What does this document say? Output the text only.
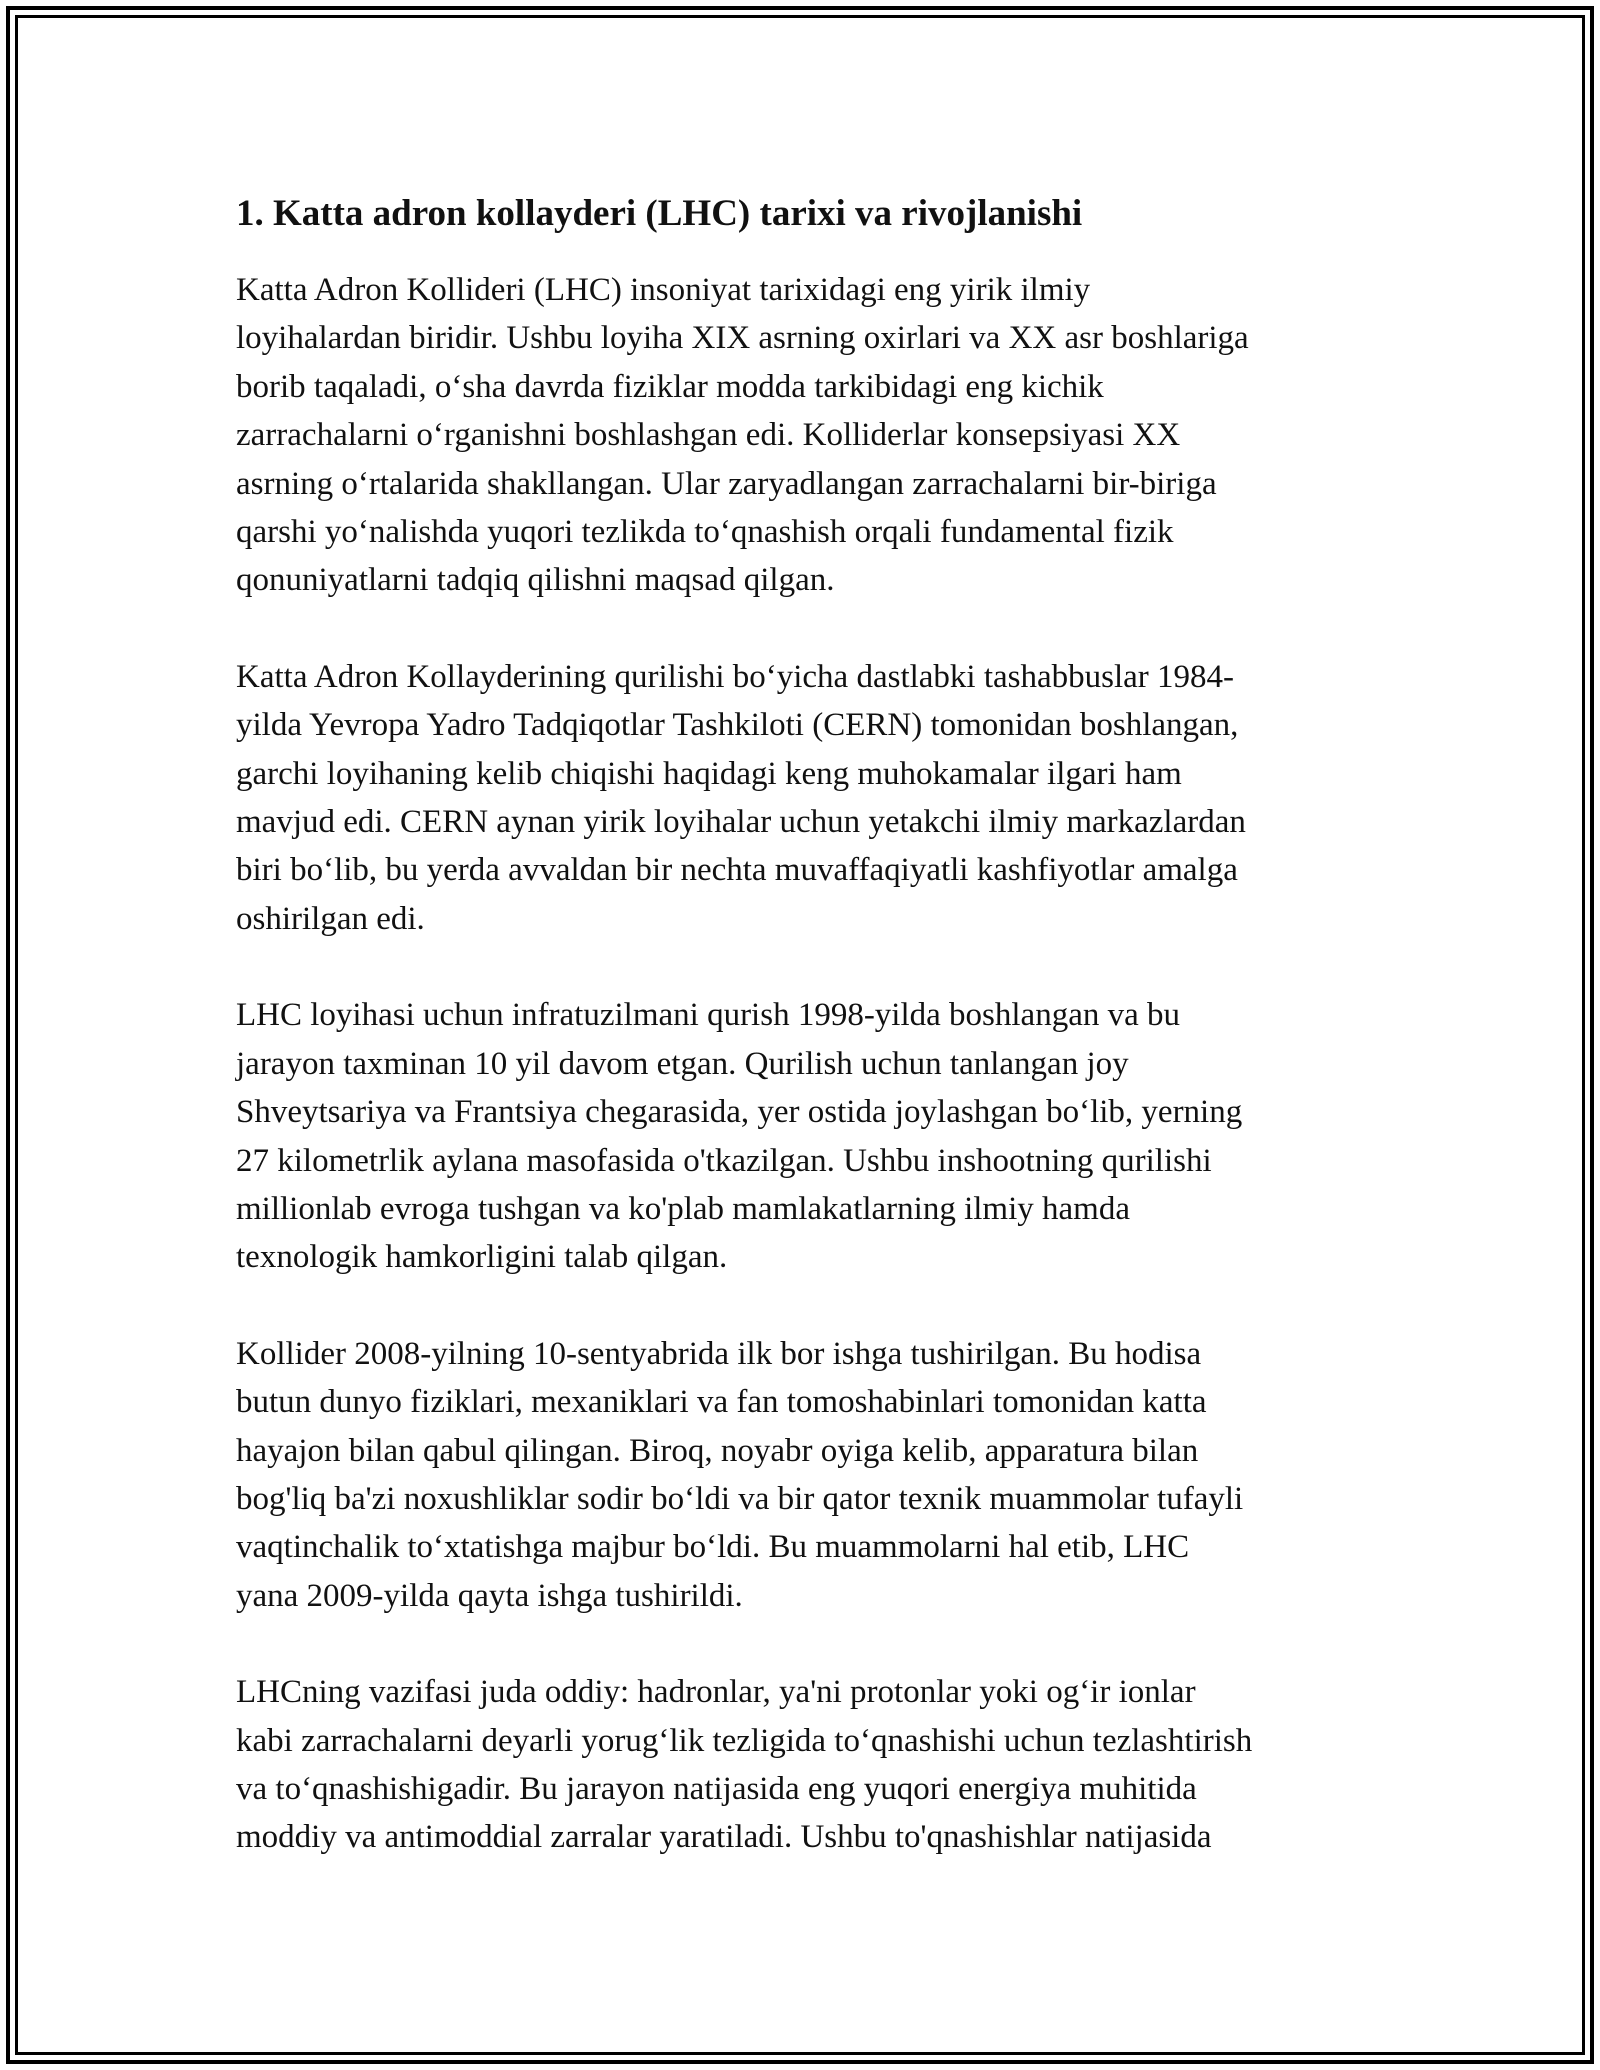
1. Katta adron kollayderi (LHC) tarixi va rivojlanishi

Katta Adron Kollideri (LHC) insoniyat tarixidagi eng yirik ilmiy
loyihalardan biridir. Ushbu loyiha XIX asrning oxirlari va XX asr boshlariga
borib taqaladi, o‘sha davrda fiziklar modda tarkibidagi eng kichik
zarrachalarni o‘rganishni boshlashgan edi. Kolliderlar konsepsiyasi XX
asrning o‘rtalarida shakllangan. Ular zaryadlangan zarrachalarni bir-biriga
qarshi yo‘nalishda yuqori tezlikda to‘qnashish orqali fundamental fizik
qonuniyatlarni tadqiq qilishni maqsad qilgan.

Katta Adron Kollayderining qurilishi bo‘yicha dastlabki tashabbuslar 1984-
yilda Yevropa Yadro Tadqiqotlar Tashkiloti (CERN) tomonidan boshlangan,
garchi loyihaning kelib chiqishi haqidagi keng muhokamalar ilgari ham
mavjud edi. CERN aynan yirik loyihalar uchun yetakchi ilmiy markazlardan
biri bo‘lib, bu yerda avvaldan bir nechta muvaffaqiyatli kashfiyotlar amalga
oshirilgan edi.

LHC loyihasi uchun infratuzilmani qurish 1998-yilda boshlangan va bu
jarayon taxminan 10 yil davom etgan. Qurilish uchun tanlangan joy
Shveytsariya va Frantsiya chegarasida, yer ostida joylashgan bo‘lib, yerning
27 kilometrlik aylana masofasida o'tkazilgan. Ushbu inshootning qurilishi
millionlab evroga tushgan va ko'plab mamlakatlarning ilmiy hamda
texnologik hamkorligini talab qilgan.

Kollider 2008-yilning 10-sentyabrida ilk bor ishga tushirilgan. Bu hodisa
butun dunyo fiziklari, mexaniklari va fan tomoshabinlari tomonidan katta
hayajon bilan qabul qilingan. Biroq, noyabr oyiga kelib, apparatura bilan
bog'liq ba'zi noxushliklar sodir bo‘ldi va bir qator texnik muammolar tufayli
vaqtinchalik to‘xtatishga majbur bo‘ldi. Bu muammolarni hal etib, LHC
yana 2009-yilda qayta ishga tushirildi.

LHCning vazifasi juda oddiy: hadronlar, ya'ni protonlar yoki og‘ir ionlar
kabi zarrachalarni deyarli yorug‘lik tezligida to‘qnashishi uchun tezlashtirish
va to‘qnashishigadir. Bu jarayon natijasida eng yuqori energiya muhitida
moddiy va antimoddial zarralar yaratiladi. Ushbu to'qnashishlar natijasida
